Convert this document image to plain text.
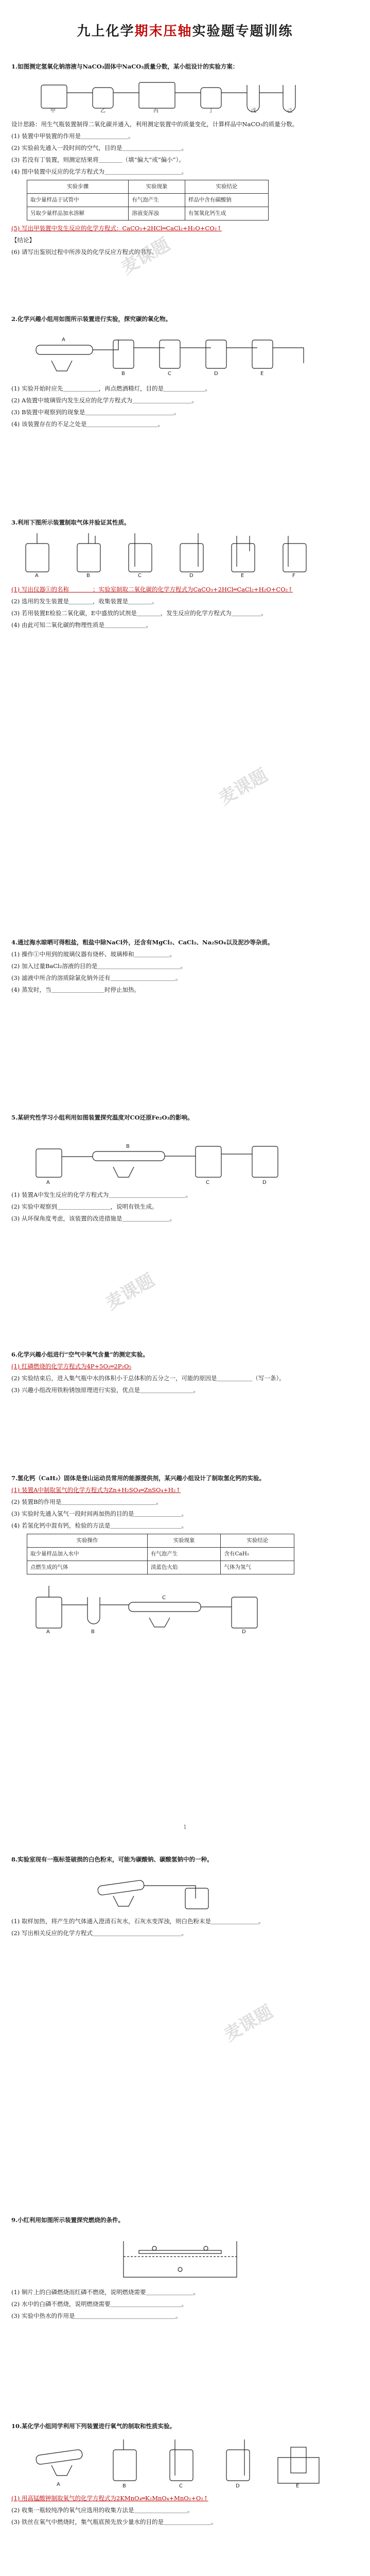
九上化学期末压轴实验题专题训练

1.如图测定氢氧化钠溶液与NaCO₃固体中NaCO₃质量分数，某小组设计的实验方案：

甲	乙	丙	丁	戊	己

设计思路：用生气瓶装置制得二氧化碳并通入，利用测定装置中的质量变化，计算样品中NaCO₃的质量分数。

(1) 装置中甲装置的作用是＿＿＿＿＿＿＿＿。

(2) 实验前先通入一段时间的空气，目的是＿＿＿＿＿＿＿＿＿＿。

(3) 若没有丁装置，则测定结果将＿＿＿＿（填“偏大”或“偏小”）。

(4) 图中装置中反应的化学方程式为＿＿＿＿＿＿＿＿＿＿＿＿＿。

实验步骤	实验现象	实验结论
取少量样品于试管中	有气泡产生	样品中含有碳酸钠
另取少量样品加水溶解	溶液变浑浊	有氢氧化钙生成

(5) 写出甲装置中发生反应的化学方程式：CaCO₃+2HCl═CaCl₂+H₂O+CO₂↑

【结论】

(6) 请写出鉴别过程中所涉及的化学反应方程式的书写。

麦课题

2.化学兴趣小组用如图所示装置进行实验，探究碳的氧化物。

A
B	C	D	E

(1) 实验开始时应先＿＿＿＿＿＿，再点燃酒精灯，目的是＿＿＿＿＿＿＿。

(2) A装置中玻璃管内发生反应的化学方程式为＿＿＿＿＿＿＿＿＿＿。

(3) B装置中观察到的现象是＿＿＿＿＿＿＿＿＿＿＿＿＿＿＿。

(4) 该装置存在的不足之处是＿＿＿＿＿＿＿＿＿＿＿＿。

3.利用下图所示装置制取气体并验证其性质。

A	B	C	D	E	F

(1) 写出仪器①的名称＿＿＿＿；实验室制取二氧化碳的化学方程式为CaCO₃+2HCl═CaCl₂+H₂O+CO₂↑

(2) 选用的发生装置是＿＿＿＿，收集装置是＿＿＿＿。

(3) 若用装置E检验二氧化碳，E中盛放的试剂是＿＿＿＿，发生反应的化学方程式为＿＿＿＿＿。

(4) 由此可知二氧化碳的物理性质是＿＿＿＿＿＿＿。

麦课题

4.通过海水晾晒可得粗盐，粗盐中除NaCl外，还含有MgCl₂、CaCl₂、Na₂SO₄以及泥沙等杂质。

(1) 操作①中用到的玻璃仪器有烧杯、玻璃棒和＿＿＿＿＿＿。

(2) 加入过量BaCl₂溶液的目的是＿＿＿＿＿＿＿＿＿＿＿＿＿＿。

(3) 滤液中所含的溶质除氯化钠外还有＿＿＿＿＿＿＿＿＿＿＿。

(4) 蒸发时，当＿＿＿＿＿＿＿＿＿时停止加热。

5.某研究性学习小组利用如图装置探究温度对CO还原Fe₂O₃的影响。

A
B
C	D

(1) 装置A中发生反应的化学方程式为＿＿＿＿＿＿＿＿＿＿＿＿＿。

(2) 实验中观察到＿＿＿＿＿＿＿＿＿，说明有铁生成。

(3) 从环保角度考虑，该装置的改进措施是＿＿＿＿＿＿＿＿。

麦课题

6.化学兴趣小组进行“空气中氧气含量”的测定实验。

(1) 红磷燃烧的化学方程式为4P+5O₂═2P₂O₅

(2) 实验结束后，进入集气瓶中水的体积小于总体积的五分之一，可能的原因是＿＿＿＿＿＿（写一条）。

(3) 兴趣小组改用铁粉锈蚀原理进行实验，优点是＿＿＿＿＿＿＿＿＿。

7.氢化钙（CaH₂）固体是登山运动员常用的能源提供剂，某兴趣小组设计了制取氢化钙的实验。

(1) 装置A中制取氢气的化学方程式为Zn+H₂SO₄═ZnSO₄+H₂↑

(2) 装置B的作用是＿＿＿＿＿＿＿＿＿＿＿＿＿＿＿＿。

(3) 实验时先通入氢气一段时间再加热的目的是＿＿＿＿＿＿＿＿。

(4) 若氢化钙中混有钙，检验的方法是＿＿＿＿＿＿＿＿＿＿＿＿。

实验操作	实验现象	实验结论
取少量样品加入水中	有气泡产生	含有CaH₂
点燃生成的气体	淡蓝色火焰	气体为氢气
A	B
C
D
1

8.实验室现有一瓶标签破损的白色粉末，可能为碳酸钠、碳酸氢钠中的一种。

(1) 取样加热，将产生的气体通入澄清石灰水，石灰水变浑浊，则白色粉末是＿＿＿＿＿＿＿＿。

(2) 写出相关反应的化学方程式＿＿＿＿＿＿＿＿＿＿＿＿＿＿＿。

麦课题

9.小红利用如图所示装置探究燃烧的条件。

(1) 铜片上的白磷燃烧而红磷不燃烧，说明燃烧需要＿＿＿＿＿＿＿＿。

(2) 水中的白磷不燃烧，说明燃烧需要＿＿＿＿＿＿＿＿＿＿＿＿。

(3) 实验中热水的作用是＿＿＿＿＿＿＿＿＿＿＿＿＿＿＿＿＿。

10.某化学小组同学利用下列装置进行氧气的制取和性质实验。

A	B	C	D	E

(1) 用高锰酸钾制取氧气的化学方程式为2KMnO₄═K₂MnO₄+MnO₂+O₂↑

(2) 收集一瓶较纯净的氧气应选用的收集方法是＿＿＿＿＿＿＿＿＿。

(3) 铁丝在氧气中燃烧时，集气瓶底预先放少量水的目的是＿＿＿＿＿＿＿＿。
